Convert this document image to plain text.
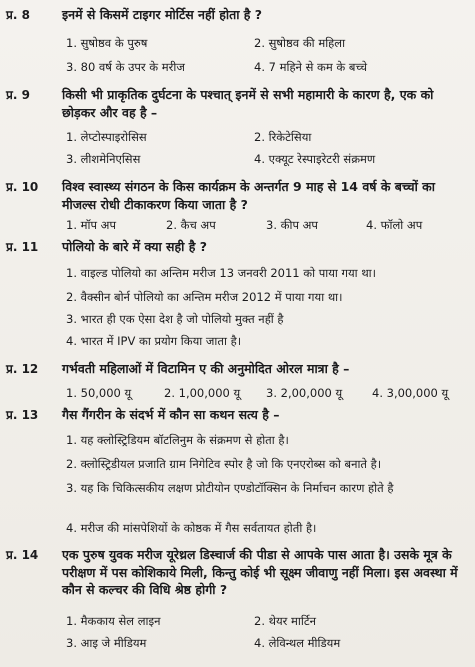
प्र. 8	इनमें से किसमें टाइगर मोर्टिस नहीं होता है ?
1. सुषोष्ठव के पुरुष	2. सुषोष्ठव की महिला
3. 80 वर्ष के उपर के मरीज	4. 7 महिने से कम के बच्चे
प्र. 9	किसी भी प्राकृतिक दुर्घटना के पश्चात् इनमें से सभी महामारी के कारण है, एक को छोड़कर और वह है –
1. लेप्टोस्पाइरोसिस	2. रिकेटेसिया
3. लीशमेनिएसिस	4. एक्यूट रेस्पाइरेटरी संक्रमण
प्र. 10	विश्व स्वास्थ्य संगठन के किस कार्यक्रम के अन्तर्गत 9 माह से 14 वर्ष के बच्चों का मीजल्स रोधी टीकाकरण किया जाता है ?
1. मॉप अप	2. कैच अप	3. कीप अप	4. फॉलो अप
प्र. 11	पोलियो के बारे में क्या सही है ?
1. वाइल्ड पोलियो का अन्तिम मरीज 13 जनवरी 2011 को पाया गया था।
2. वैक्सीन बोर्न पोलियो का अन्तिम मरीज 2012 में पाया गया था।
3. भारत ही एक ऐसा देश है जो पोलियो मुक्त नहीं है
4. भारत में IPV का प्रयोग किया जाता है।
प्र. 12	गर्भवती महिलाओं में विटामिन ए की अनुमोदित ओरल मात्रा है –
1. 50,000 यू	2. 1,00,000 यू 3. 2,00,000 यू	4. 3,00,000 यू
प्र. 13	गैस गैंगरीन के संदर्भ में कौन सा कथन सत्य है –
1. यह क्लोस्ट्रिडियम बॉटलिनुम के संक्रमण से होता है।
2. क्लोस्ट्रिडीयल प्रजाति ग्राम निगेटिव स्पोर है जो कि एनएरोब्स को बनाते है।
3. यह कि चिकित्सकीय लक्षण प्रोटीयोन एण्डोटॉक्सिन के निर्माचन कारण होते है
4. मरीज की मांसपेशियों के कोष्ठक में गैस सर्वतायत होती है।
प्र. 14	एक पुरुष युवक मरीज यूरेथ्रल डिस्चार्ज की पीडा से आपके पास आता है। उसके मूत्र के परीक्षण में पस कोशिकाये मिली, किन्तु कोई भी सूक्ष्म जीवाणु नहीं मिला। इस अवस्था में कौन से कल्चर की विधि श्रेष्ठ होगी ?
1. मैककाय सेल लाइन	2. थेयर मार्टिन
3. आइ जे मीडियम	4. लेविन्थल मीडियम
